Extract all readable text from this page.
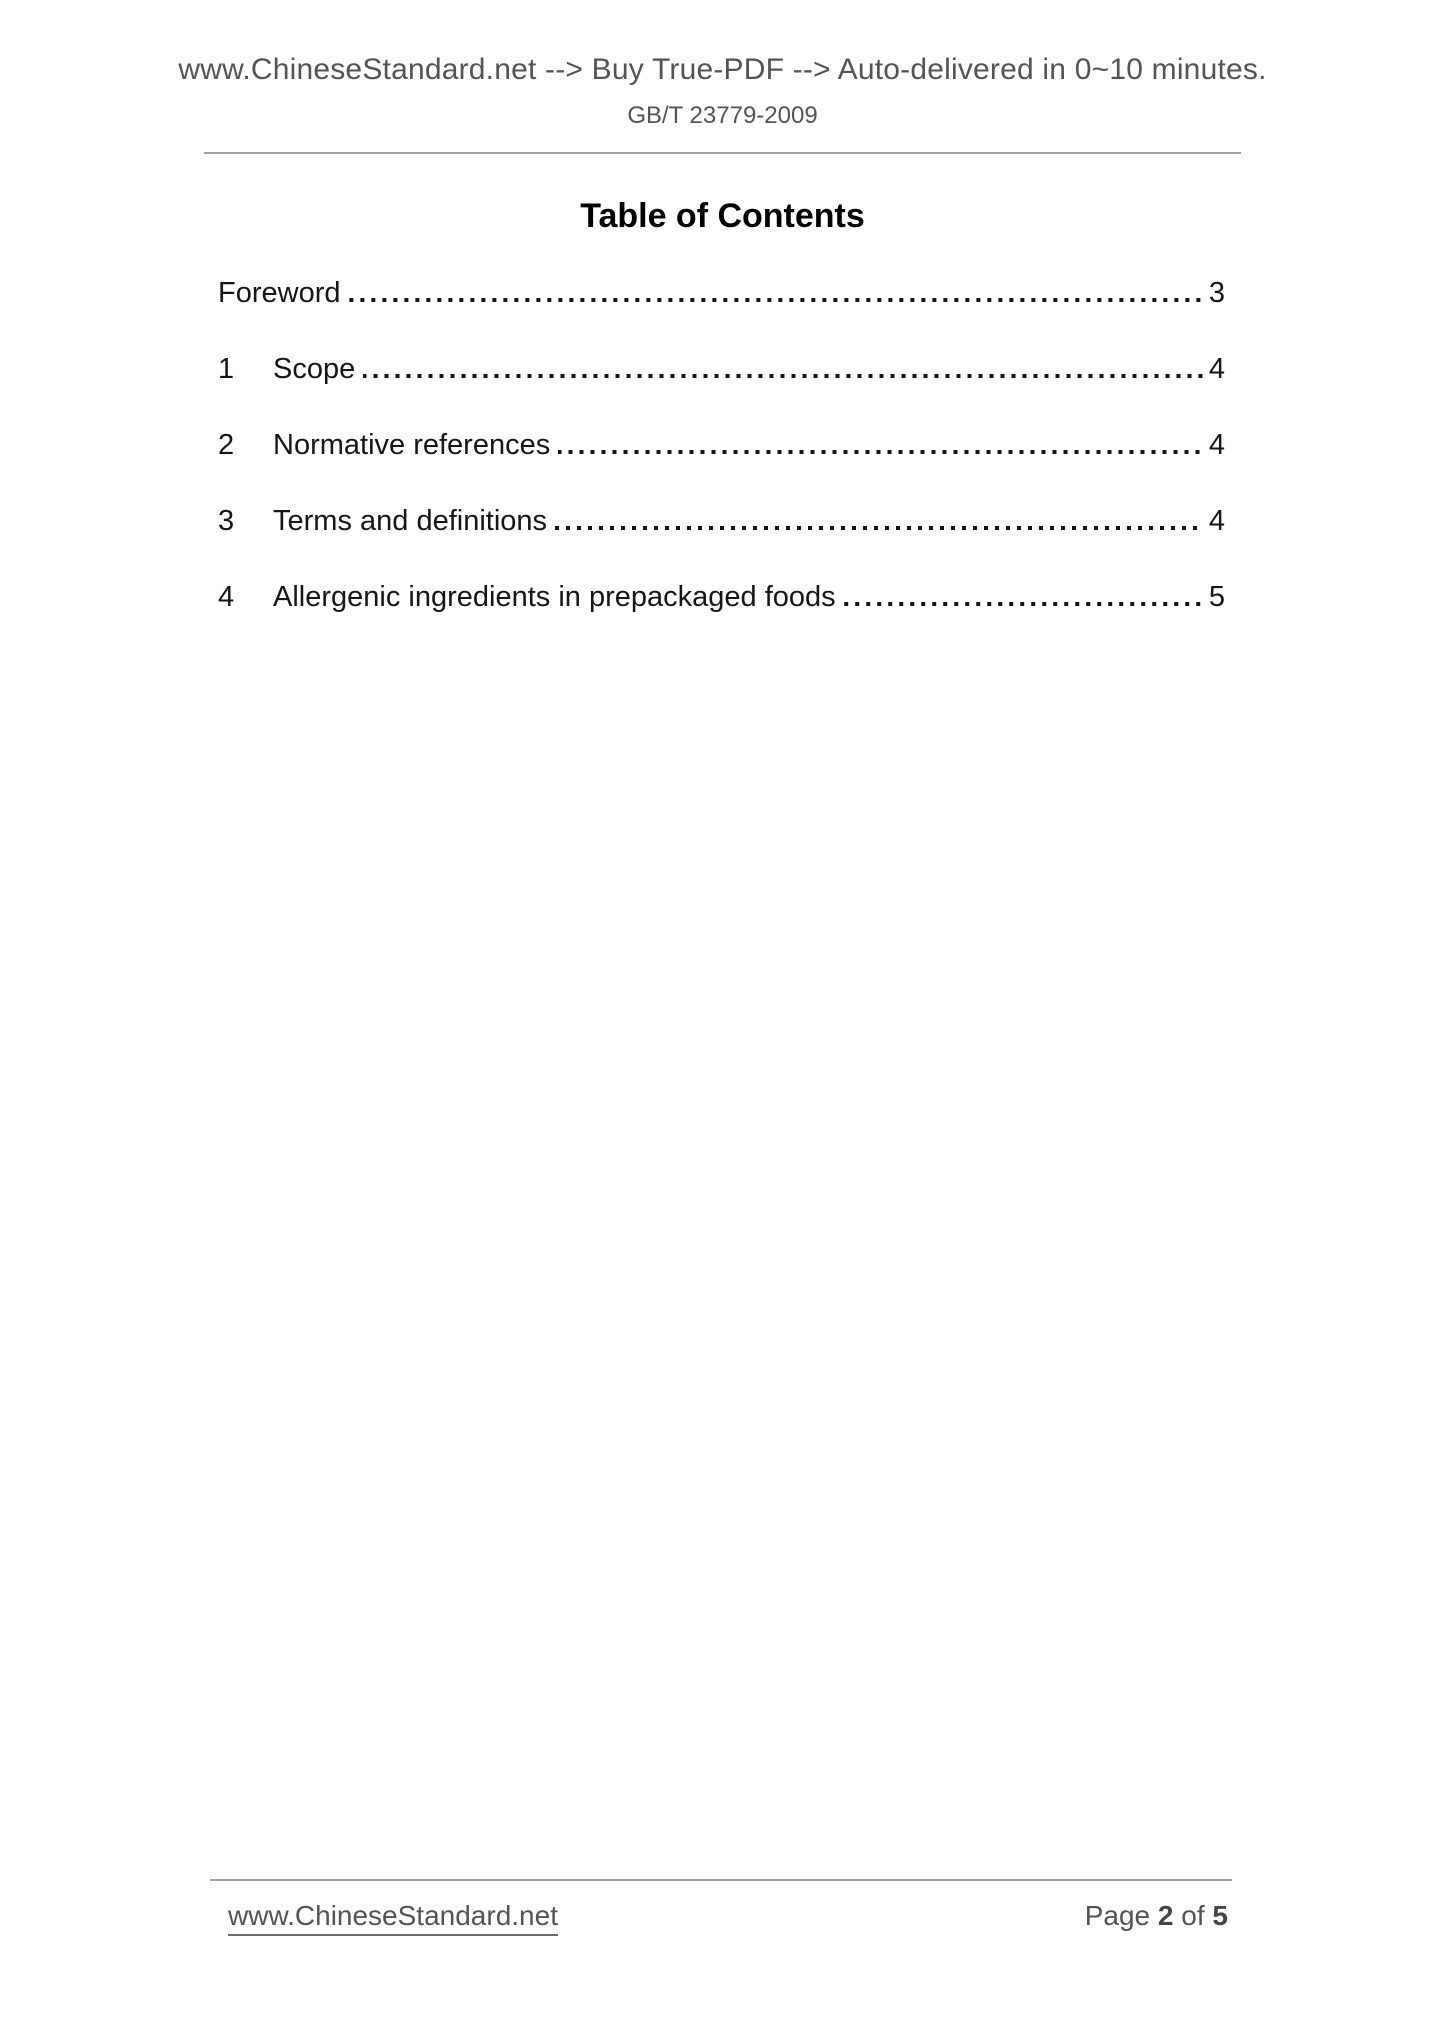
www.ChineseStandard.net --> Buy True-PDF --> Auto-delivered in 0~10 minutes.
GB/T 23779-2009
Table of Contents
Foreword	3
1	Scope	4
2	Normative references	4
3	Terms and definitions	4
4	Allergenic ingredients in prepackaged foods	5
www.ChineseStandard.net	Page 2 of 5
